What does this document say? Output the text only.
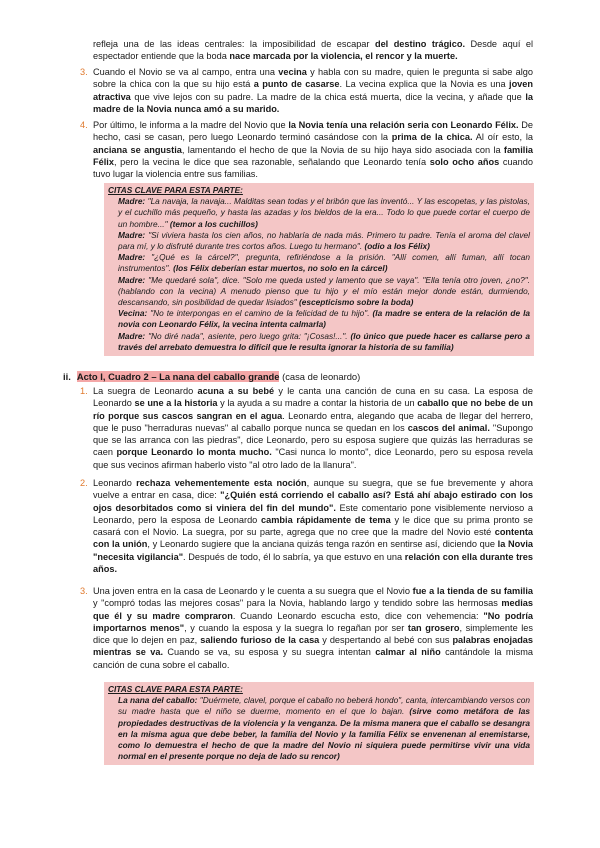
refleja una de las ideas centrales: la imposibilidad de escapar del destino trágico. Desde aquí el espectador entiende que la boda nace marcada por la violencia, el rencor y la muerte.
3. Cuando el Novio se va al campo, entra una vecina y habla con su madre, quien le pregunta si sabe algo sobre la chica con la que su hijo está a punto de casarse. La vecina explica que la Novia es una joven atractiva que vive lejos con su padre. La madre de la chica está muerta, dice la vecina, y añade que la madre de la Novia nunca amó a su marido.
4. Por último, le informa a la madre del Novio que la Novia tenía una relación seria con Leonardo Félix. De hecho, casi se casan, pero luego Leonardo terminó casándose con la prima de la chica. Al oír esto, la anciana se angustia, lamentando el hecho de que la Novia de su hijo haya sido asociada con la familia Félix, pero la vecina le dice que sea razonable, señalando que Leonardo tenía solo ocho años cuando tuvo lugar la violencia entre sus familias.
CITAS CLAVE PARA ESTA PARTE:
Madre: "La navaja, la navaja... Malditas sean todas y el bribón que las inventó... Y las escopetas, y las pistolas, y el cuchillo más pequeño, y hasta las azadas y los bieldos de la era... Todo lo que puede cortar el cuerpo de un hombre..." (temor a los cuchillos)
Madre: "Si viviera hasta los cien años, no hablaría de nada más. Primero tu padre. Tenía el aroma del clavel para mí, y lo disfruté durante tres cortos años. Luego tu hermano". (odio a los Félix)
Madre: "¿Qué es la cárcel?", pregunta, refiriéndose a la prisión. "Allí comen, allí fuman, allí tocan instrumentos". (los Félix deberían estar muertos, no solo en la cárcel)
Madre: "Me quedaré sola", dice. "Solo me queda usted y lamento que se vaya". "Ella tenía otro joven, ¿no?". (hablando con la vecina) A menudo pienso que tu hijo y el mío están mejor donde están, durmiendo, descansando, sin posibilidad de quedar lisiados" (escepticismo sobre la boda)
Vecina: "No te interpongas en el camino de la felicidad de tu hijo". (la madre se entera de la relación de la novia con Leonardo Félix, la vecina intenta calmarla)
Madre: "No diré nada", asiente, pero luego grita: "¡Cosas!...". (lo único que puede hacer es callarse pero a través del arrebato demuestra lo difícil que le resulta ignorar la historia de su familia)
ii. Acto I, Cuadro 2 – La nana del caballo grande (casa de leonardo)
1. La suegra de Leonardo acuna a su bebé y le canta una canción de cuna en su casa. La esposa de Leonardo se une a la historia y la ayuda a su madre a contar la historia de un caballo que no bebe de un río porque sus cascos sangran en el agua. Leonardo entra, alegando que acaba de llegar del herrero, que le puso "herraduras nuevas" al caballo porque nunca se quedan en los cascos del animal. "Supongo que se las arranca con las piedras", dice Leonardo, pero su esposa sugiere que quizás las herraduras se caen porque Leonardo lo monta mucho. "Casi nunca lo monto", dice Leonardo, pero su esposa revela que sus vecinos afirman haberlo visto "al otro lado de la llanura".
2. Leonardo rechaza vehementemente esta noción, aunque su suegra, que se fue brevemente y ahora vuelve a entrar en casa, dice: "¿Quién está corriendo el caballo así? Está ahí abajo estirado con los ojos desorbitados como si viniera del fin del mundo". Este comentario pone visiblemente nervioso a Leonardo, pero la esposa de Leonardo cambia rápidamente de tema y le dice que su prima pronto se casará con el Novio. La suegra, por su parte, agrega que no cree que la madre del Novio esté contenta con la unión, y Leonardo sugiere que la anciana quizás tenga razón en sentirse así, diciendo que la Novia "necesita vigilancia". Después de todo, él lo sabría, ya que estuvo en una relación con ella durante tres años.
3. Una joven entra en la casa de Leonardo y le cuenta a su suegra que el Novio fue a la tienda de su familia y "compró todas las mejores cosas" para la Novia, hablando largo y tendido sobre las hermosas medias que él y su madre compraron. Cuando Leonardo escucha esto, dice con vehemencia: "No podría importarnos menos", y cuando la esposa y la suegra lo regañan por ser tan grosero, simplemente les dice que lo dejen en paz, saliendo furioso de la casa y despertando al bebé con sus palabras enojadas mientras se va. Cuando se va, su esposa y su suegra intentan calmar al niño cantándole la misma canción de cuna sobre el caballo.
CITAS CLAVE PARA ESTA PARTE:
La nana del caballo: "Duérmete, clavel, porque el caballo no beberá hondo", canta, intercambiando versos con su madre hasta que el niño se duerme, momento en el que lo bajan. (sirve como metáfora de las propiedades destructivas de la violencia y la venganza. De la misma manera que el caballo se desangra en la misma agua que debe beber, la familia del Novio y la familia Félix se envenenan al enemistarse, como lo demuestra el hecho de que la madre del Novio ni siquiera puede permitirse vivir una vida normal en el presente porque no deja de lado su rencor)
